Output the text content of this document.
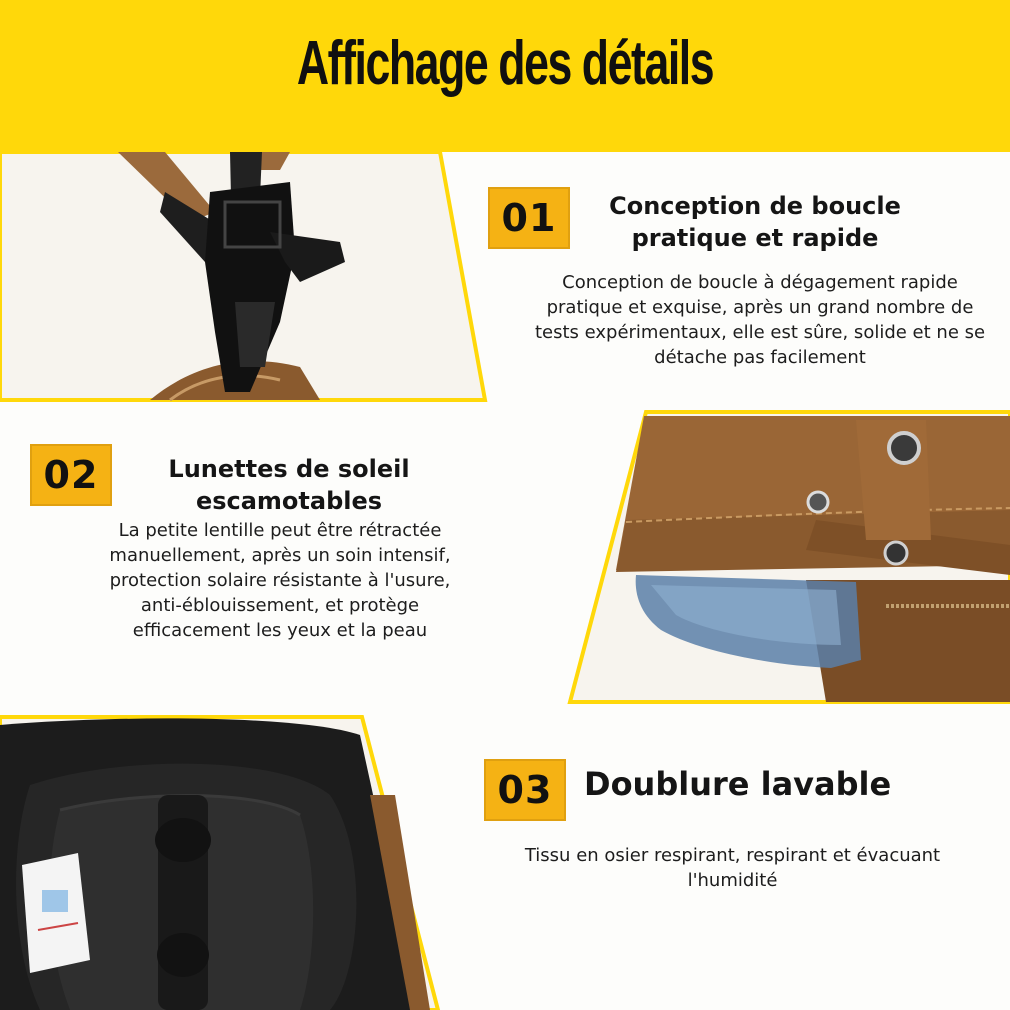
Affichage des détails
01	Conception de boucle
pratique et rapide
Conception de boucle à dégagement rapide
pratique et exquise, après un grand nombre de
tests expérimentaux, elle est sûre, solide et ne se
détache pas facilement
02	Lunettes de soleil
escamotables
La petite lentille peut être rétractée
manuellement, après un soin intensif,
protection solaire résistante à l'usure,
anti-éblouissement, et protège
efficacement les yeux et la peau
03 Doublure lavable
Tissu en osier respirant, respirant et évacuant
l'humidité
